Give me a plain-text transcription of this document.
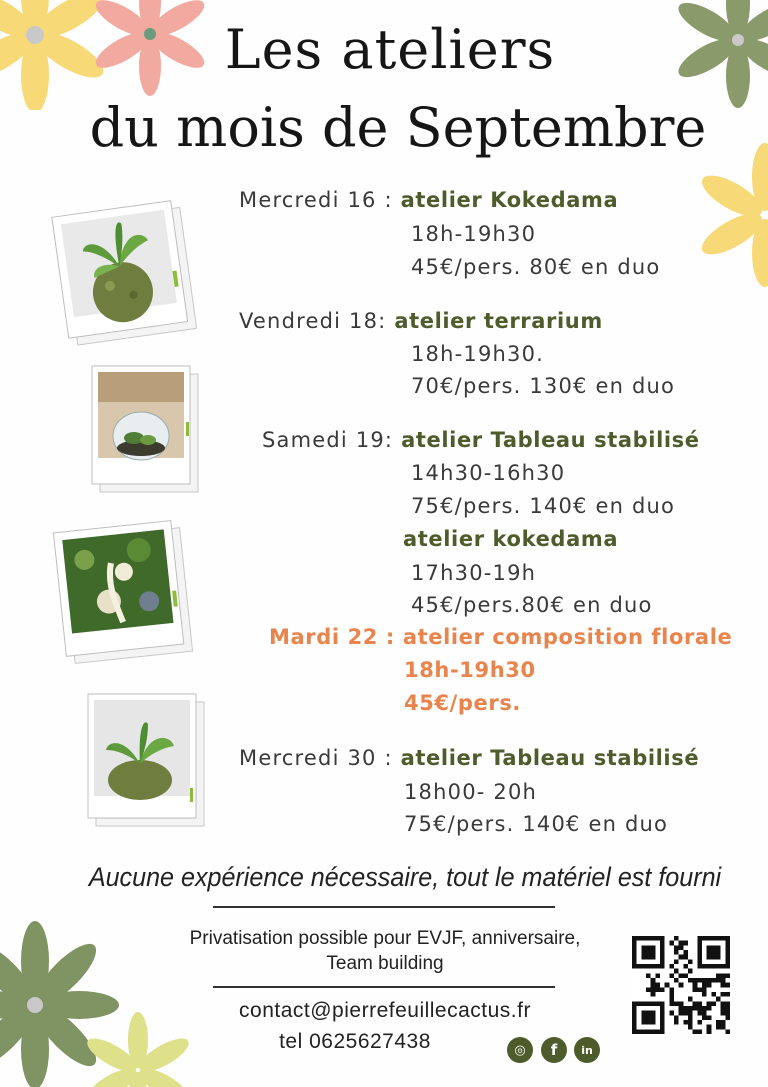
Les ateliers
du mois de Septembre
Mercredi 16 : atelier Kokedama
18h-19h30
45€/pers. 80€ en duo
Vendredi 18: atelier terrarium
18h-19h30.
70€/pers. 130€ en duo
Samedi 19: atelier Tableau stabilisé
14h30-16h30
75€/pers. 140€ en duo
atelier kokedama
17h30-19h
45€/pers.80€ en duo
Mardi 22 : atelier composition florale
18h-19h30
45€/pers.
Mercredi 30 : atelier Tableau stabilisé
18h00- 20h
75€/pers. 140€ en duo
Aucune expérience nécessaire, tout le matériel est fourni
Privatisation possible pour EVJF, anniversaire,
Team building
contact@pierrefeuillecactus.fr
tel 0625627438	◎	f	in
